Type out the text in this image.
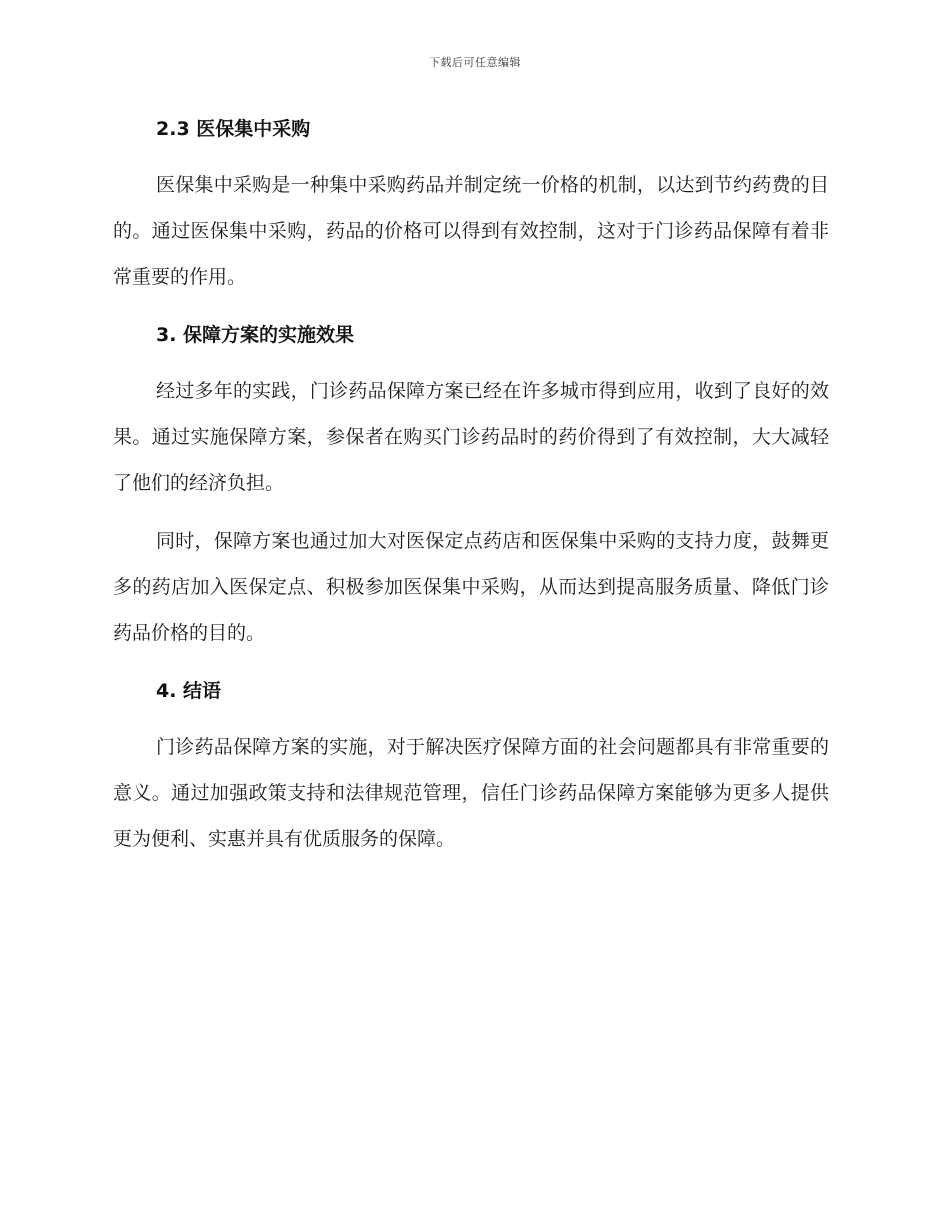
下载后可任意编辑
2.3 医保集中采购

医保集中采购是一种集中采购药品并制定统一价格的机制，以达到节约药费的目的。通过医保集中采购，药品的价格可以得到有效控制，这对于门诊药品保障有着非常重要的作用。

3. 保障方案的实施效果

经过多年的实践，门诊药品保障方案已经在许多城市得到应用，收到了良好的效果。通过实施保障方案，参保者在购买门诊药品时的药价得到了有效控制，大大减轻了他们的经济负担。

同时，保障方案也通过加大对医保定点药店和医保集中采购的支持力度，鼓舞更多的药店加入医保定点、积极参加医保集中采购，从而达到提高服务质量、降低门诊药品价格的目的。

4. 结语

门诊药品保障方案的实施，对于解决医疗保障方面的社会问题都具有非常重要的意义。通过加强政策支持和法律规范管理，信任门诊药品保障方案能够为更多人提供更为便利、实惠并具有优质服务的保障。
